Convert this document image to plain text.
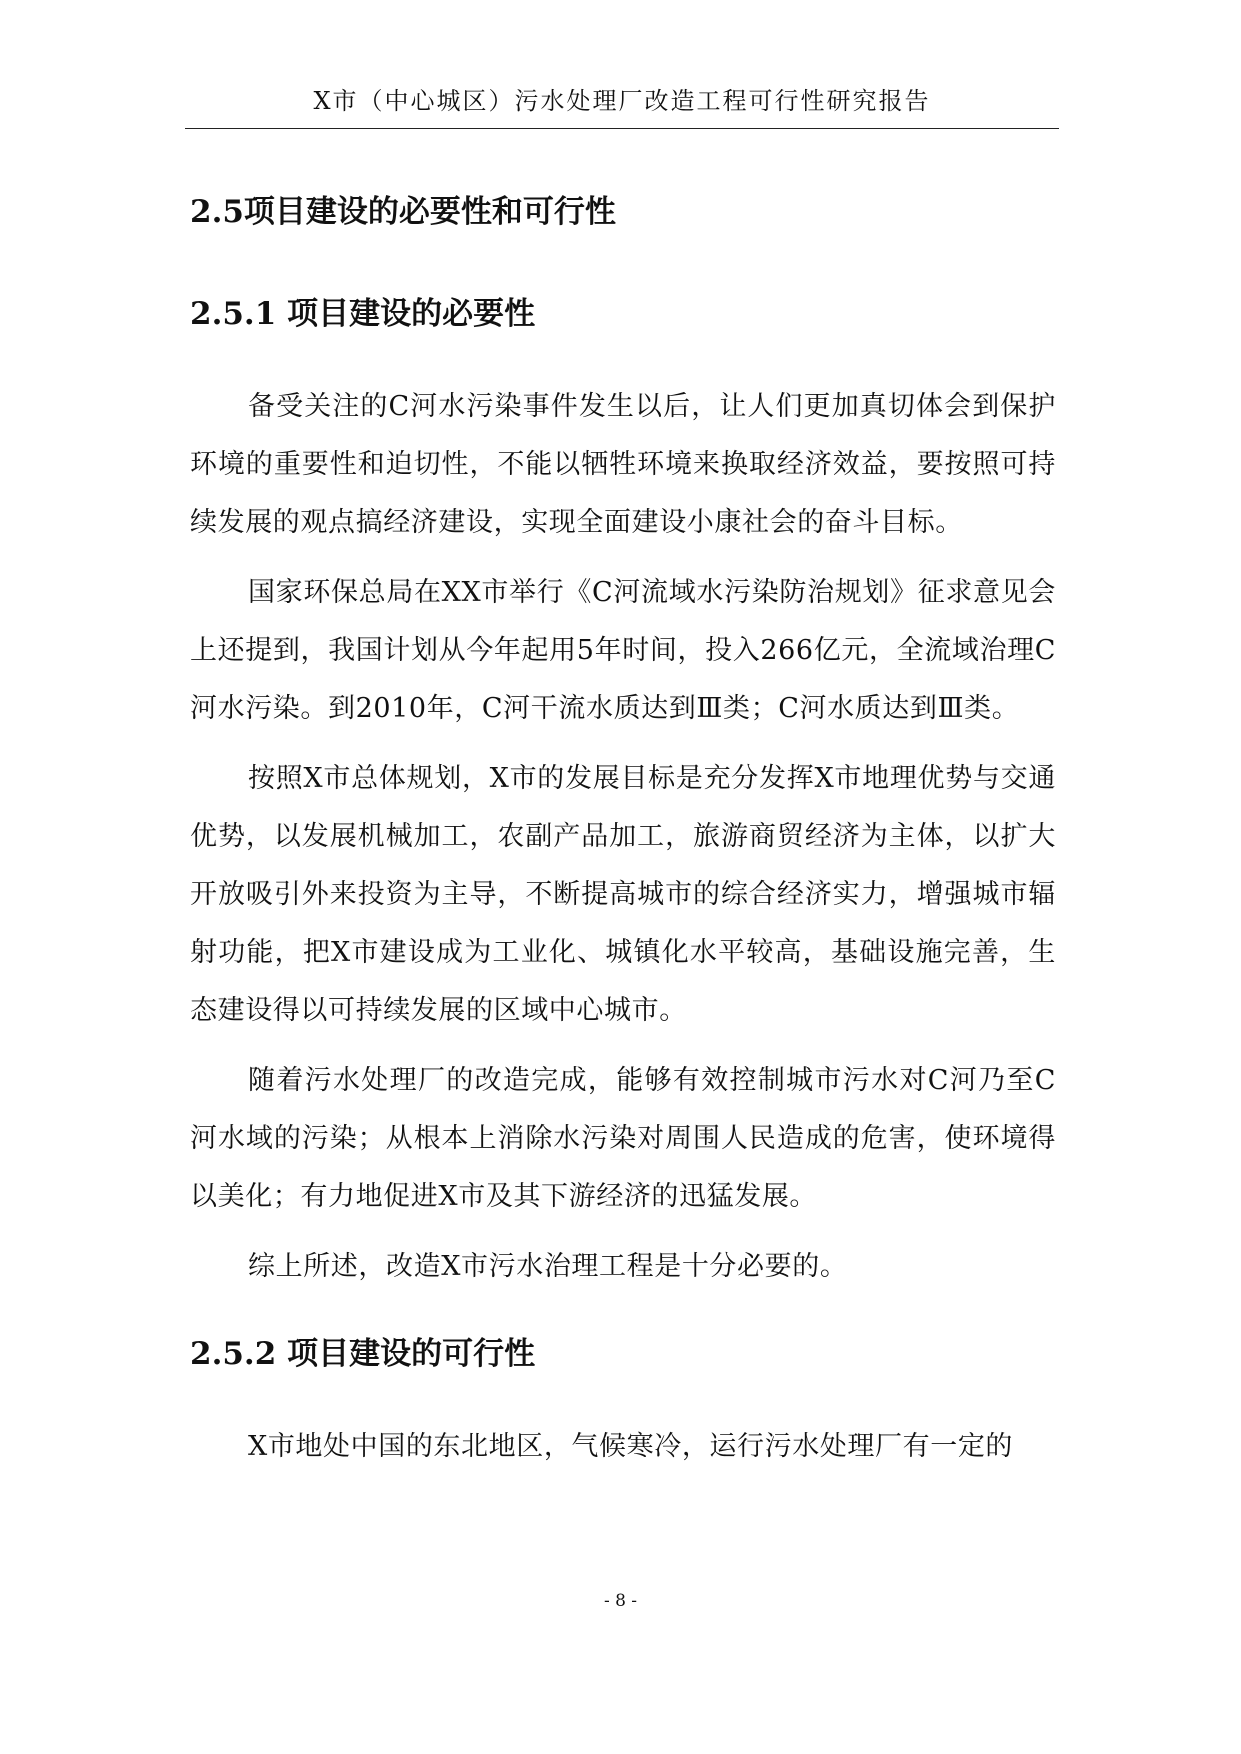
X市（中心城区）污水处理厂改造工程可行性研究报告
2.5项目建设的必要性和可行性
2.5.1 项目建设的必要性

备受关注的C河水污染事件发生以后，让人们更加真切体会到保护环境的重要性和迫切性，不能以牺牲环境来换取经济效益，要按照可持续发展的观点搞经济建设，实现全面建设小康社会的奋斗目标。

国家环保总局在XX市举行《C河流域水污染防治规划》征求意见会上还提到，我国计划从今年起用5年时间，投入266亿元，全流域治理C河水污染。到2010年，C河干流水质达到Ⅲ类；C河水质达到Ⅲ类。

按照X市总体规划，X市的发展目标是充分发挥X市地理优势与交通优势，以发展机械加工，农副产品加工，旅游商贸经济为主体，以扩大开放吸引外来投资为主导，不断提高城市的综合经济实力，增强城市辐射功能，把X市建设成为工业化、城镇化水平较高，基础设施完善，生态建设得以可持续发展的区域中心城市。

随着污水处理厂的改造完成，能够有效控制城市污水对C河乃至C河水域的污染；从根本上消除水污染对周围人民造成的危害，使环境得以美化；有力地促进X市及其下游经济的迅猛发展。

综上所述，改造X市污水治理工程是十分必要的。

2.5.2 项目建设的可行性

X市地处中国的东北地区，气候寒冷，运行污水处理厂有一定的

- 8 -
